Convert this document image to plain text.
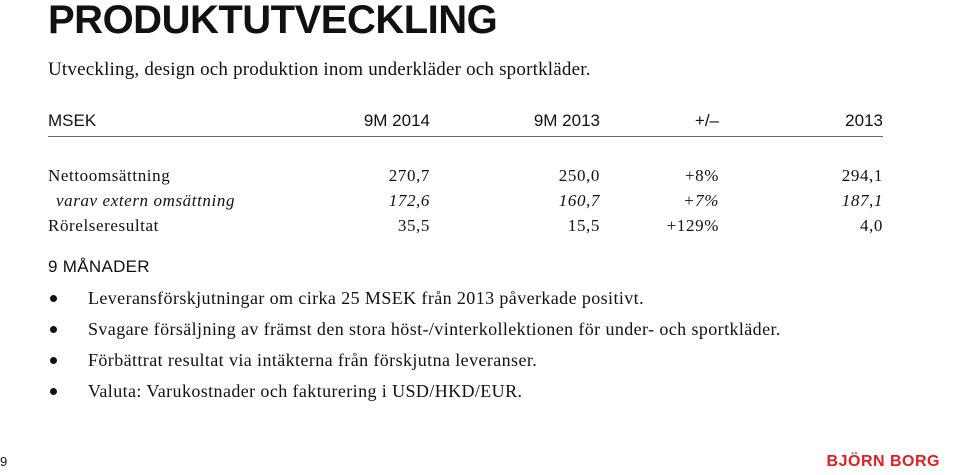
PRODUKTUTVECKLING
Utveckling, design och produktion inom underkläder och sportkläder.
MSEK	9M 2014	9M 2013	+/–	2013
Nettoomsättning	270,7	250,0	+8%	294,1
varav extern omsättning	172,6	160,7	+7%	187,1
Rörelseresultat	35,5	15,5	+129%	4,0
9 MÅNADER
Leveransförskjutningar om cirka 25 MSEK från 2013 påverkade positivt.
Svagare försäljning av främst den stora höst-/vinterkollektionen för under- och sportkläder.
Förbättrat resultat via intäkterna från förskjutna leveranser.
Valuta: Varukostnader och fakturering i USD/HKD/EUR.
9	BJÖRN BORG
